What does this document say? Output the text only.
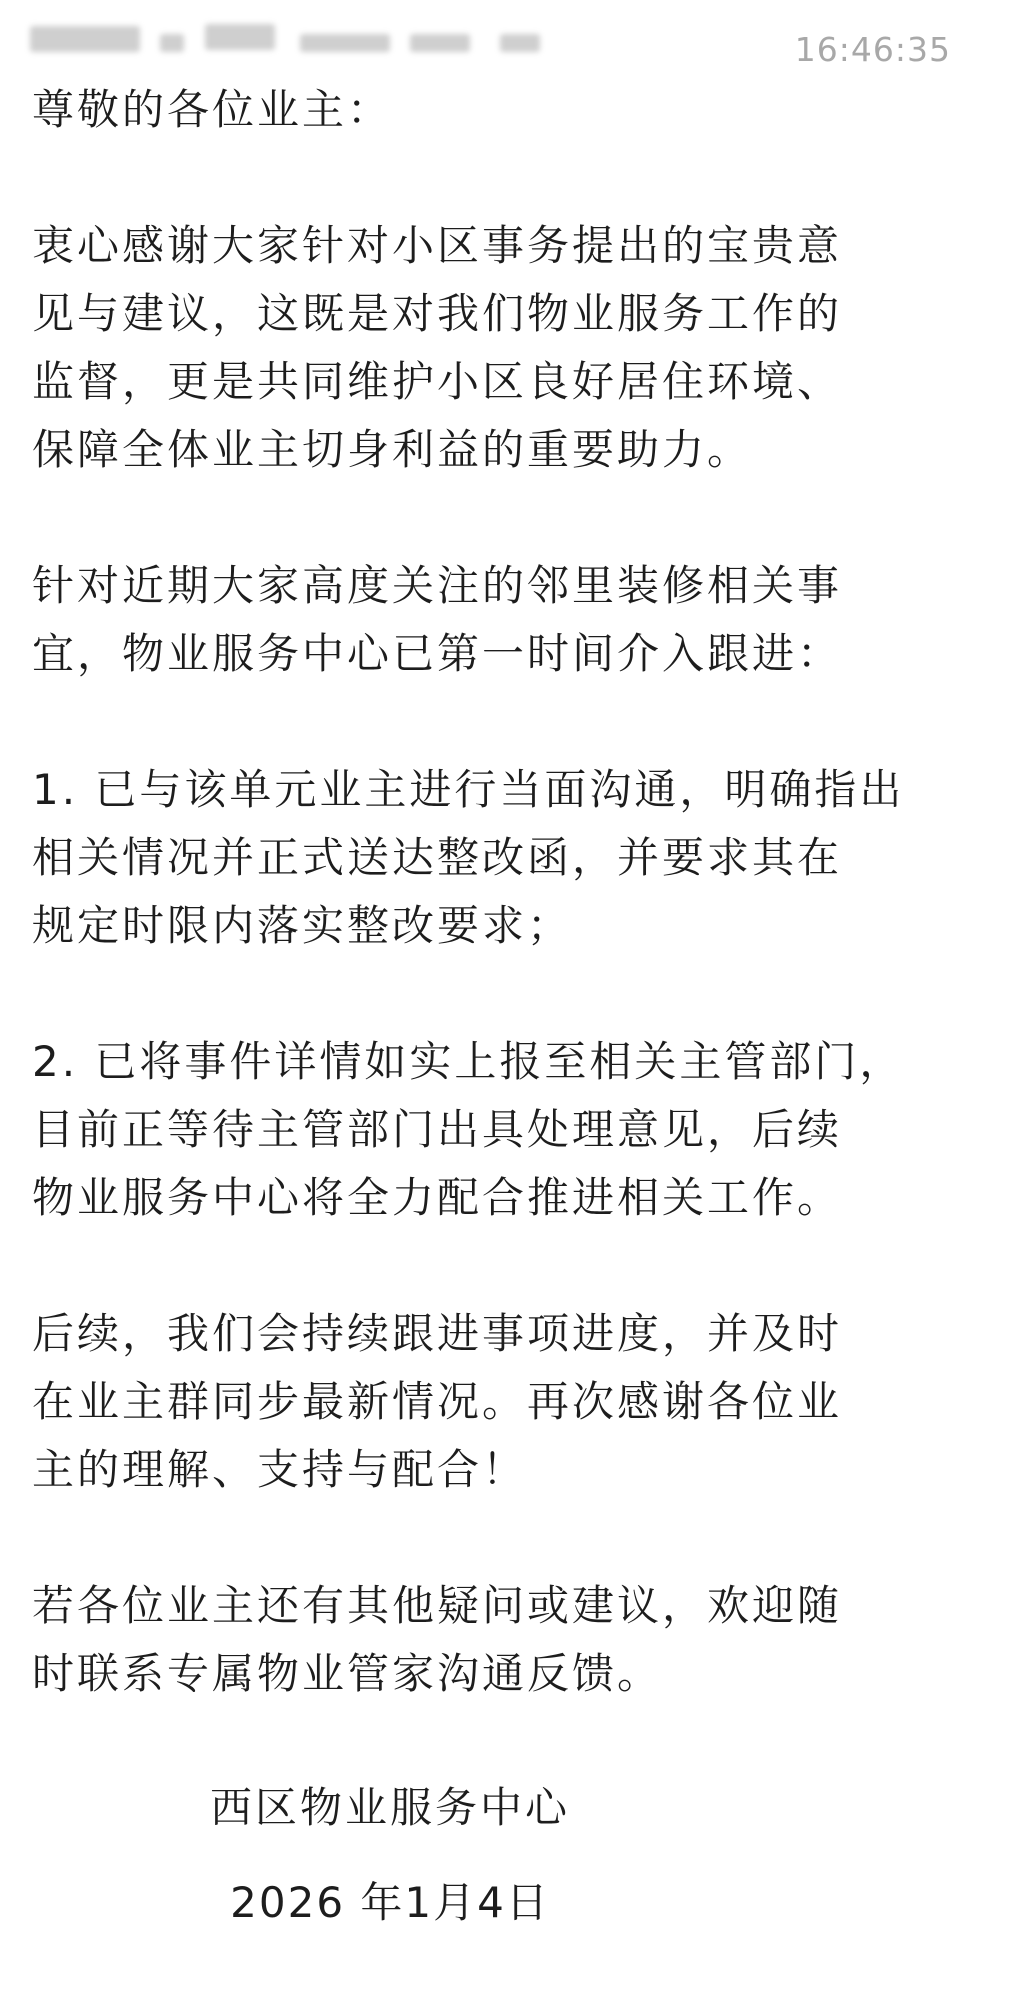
16:46:35
尊敬的各位业主：
衷心感谢大家针对小区事务提出的宝贵意
见与建议，这既是对我们物业服务工作的
监督，更是共同维护小区良好居住环境、
保障全体业主切身利益的重要助力。
针对近期大家高度关注的邻里装修相关事
宜，物业服务中心已第一时间介入跟进：
1. 已与该单元业主进行当面沟通，明确指出
相关情况并正式送达整改函，并要求其在
规定时限内落实整改要求；
2. 已将事件详情如实上报至相关主管部门，
目前正等待主管部门出具处理意见，后续
物业服务中心将全力配合推进相关工作。
后续，我们会持续跟进事项进度，并及时
在业主群同步最新情况。再次感谢各位业
主的理解、支持与配合！
若各位业主还有其他疑问或建议，欢迎随
时联系专属物业管家沟通反馈。
西区物业服务中心
2026 年1月4日
